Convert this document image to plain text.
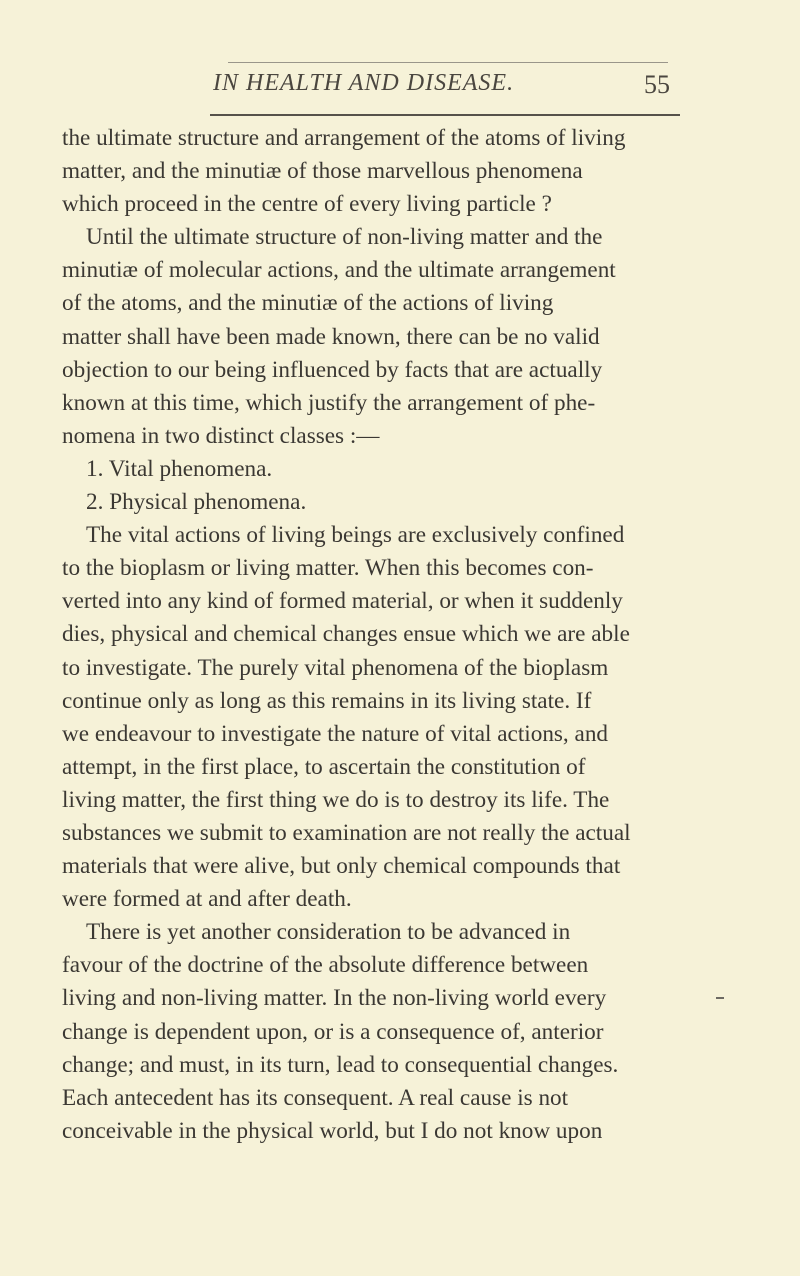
IN HEALTH AND DISEASE.	55
the ultimate structure and arrangement of the atoms of living
matter, and the minutiæ of those marvellous phenomena
which proceed in the centre of every living particle ?
Until the ultimate structure of non-living matter and the
minutiæ of molecular actions, and the ultimate arrangement
of the atoms, and the minutiæ of the actions of living
matter shall have been made known, there can be no valid
objection to our being influenced by facts that are actually
known at this time, which justify the arrangement of phe-
nomena in two distinct classes :—
1. Vital phenomena.
2. Physical phenomena.
The vital actions of living beings are exclusively confined
to the bioplasm or living matter. When this becomes con-
verted into any kind of formed material, or when it suddenly
dies, physical and chemical changes ensue which we are able
to investigate. The purely vital phenomena of the bioplasm
continue only as long as this remains in its living state. If
we endeavour to investigate the nature of vital actions, and
attempt, in the first place, to ascertain the constitution of
living matter, the first thing we do is to destroy its life. The
substances we submit to examination are not really the actual
materials that were alive, but only chemical compounds that
were formed at and after death.
There is yet another consideration to be advanced in
favour of the doctrine of the absolute difference between
living and non-living matter. In the non-living world every
change is dependent upon, or is a consequence of, anterior
change; and must, in its turn, lead to consequential changes.
Each antecedent has its consequent. A real cause is not
conceivable in the physical world, but I do not know upon
